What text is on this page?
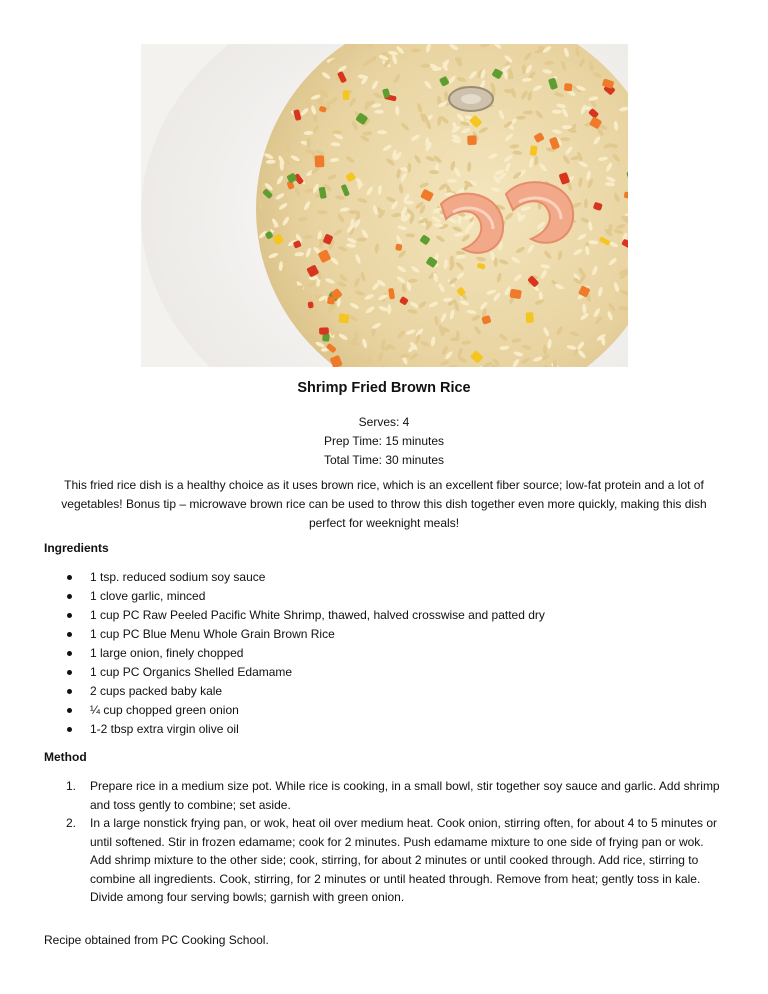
Shrimp Fried Brown Rice
Serves: 4
Prep Time: 15 minutes
Total Time: 30 minutes

This fried rice dish is a healthy choice as it uses brown rice, which is an excellent fiber source; low-fat protein and a lot of vegetables! Bonus tip – microwave brown rice can be used to throw this dish together even more quickly, making this dish perfect for weeknight meals!

Ingredients
1 tsp. reduced sodium soy sauce
1 clove garlic, minced
1 cup PC Raw Peeled Pacific White Shrimp, thawed, halved crosswise and patted dry
1 cup PC Blue Menu Whole Grain Brown Rice
1 large onion, finely chopped
1 cup PC Organics Shelled Edamame
2 cups packed baby kale
¼ cup chopped green onion
1-2 tbsp extra virgin olive oil
Method
1. Prepare rice in a medium size pot. While rice is cooking, in a small bowl, stir together soy sauce and garlic. Add shrimp and toss gently to combine; set aside.
2. In a large nonstick frying pan, or wok, heat oil over medium heat. Cook onion, stirring often, for about 4 to 5 minutes or until softened. Stir in frozen edamame; cook for 2 minutes. Push edamame mixture to one side of frying pan or wok. Add shrimp mixture to the other side; cook, stirring, for about 2 minutes or until cooked through. Add rice, stirring to combine all ingredients. Cook, stirring, for 2 minutes or until heated through. Remove from heat; gently toss in kale. Divide among four serving bowls; garnish with green onion.

Recipe obtained from PC Cooking School.
